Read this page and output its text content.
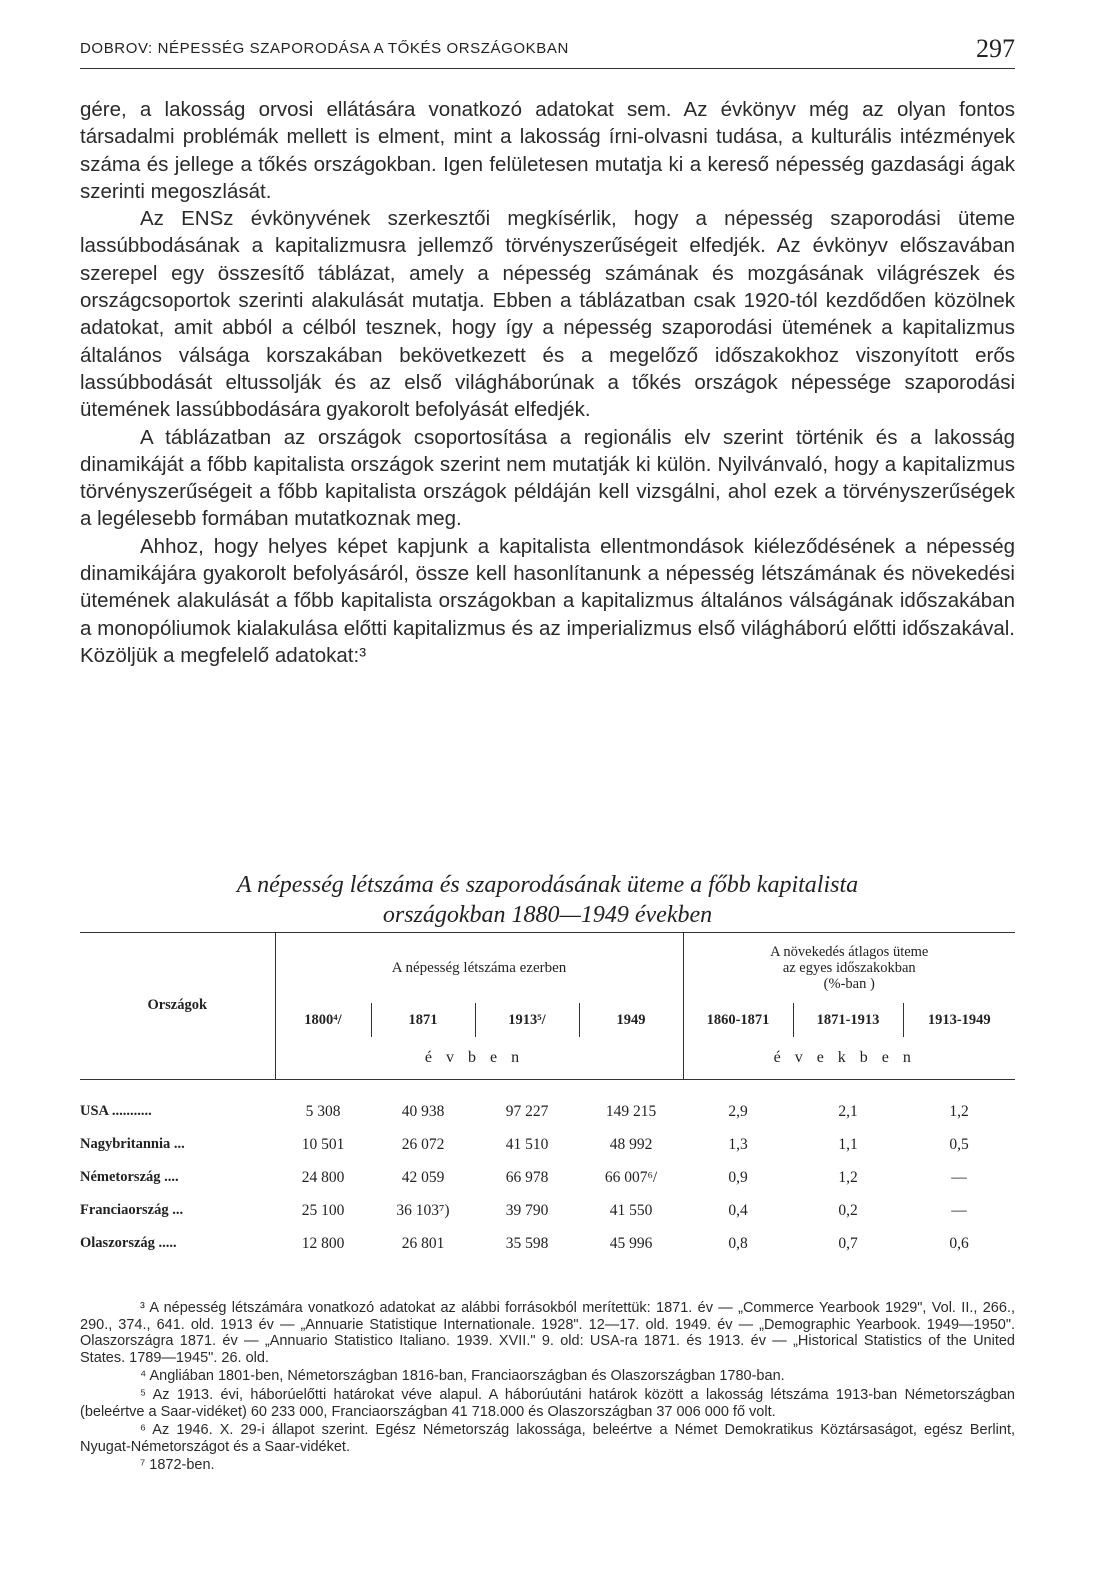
DOBROV: NÉPESSÉG SZAPORODÁSA A TŐKÉS ORSZÁGOKBAN	297

gére, a lakosság orvosi ellátására vonatkozó adatokat sem. Az évkönyv még az olyan fontos társadalmi problémák mellett is elment, mint a lakosság írni-olvasni tudása, a kulturális intézmények száma és jellege a tőkés országokban. Igen felületesen mutatja ki a kereső népesség gazdasági ágak szerinti megoszlását.

Az ENSz évkönyvének szerkesztői megkísérlik, hogy a népesség szaporodási üteme lassúbbodásának a kapitalizmusra jellemző törvényszerűségeit elfedjék. Az évkönyv előszavában szerepel egy összesítő táblázat, amely a népesség számának és mozgásának világrészek és országcsoportok szerinti alakulását mutatja. Ebben a táblázatban csak 1920-tól kezdődően közölnek adatokat, amit abból a célból tesznek, hogy így a népesség szaporodási ütemének a kapitalizmus általános válsága korszakában bekövetkezett és a megelőző időszakokhoz viszonyított erős lassúbbodását eltussolják és az első világháborúnak a tőkés országok népessége szaporodási ütemének lassúbbodására gyakorolt befolyását elfedjék.

A táblázatban az országok csoportosítása a regionális elv szerint történik és a lakosság dinamikáját a főbb kapitalista országok szerint nem mutatják ki külön. Nyilvánvaló, hogy a kapitalizmus törvényszerűségeit a főbb kapitalista országok példáján kell vizsgálni, ahol ezek a törvényszerűségek a legélesebb formában mutatkoznak meg.

Ahhoz, hogy helyes képet kapjunk a kapitalista ellentmondások kiéleződésének a népesség dinamikájára gyakorolt befolyásáról, össze kell hasonlítanunk a népesség létszámának és növekedési ütemének alakulását a főbb kapitalista országokban a kapitalizmus általános válságának időszakában a monopóliumok kialakulása előtti kapitalizmus és az imperializmus első világháború előtti időszakával. Közöljük a megfelelő adatokat:³

A népesség létszáma és szaporodásának üteme a főbb kapitalista
országokban 1880—1949 években
Országok	A népesség létszáma ezerben				A növekedés átlagos üteme
az egyes időszakokban
(%-ban )		

	1800⁴/	1871	1913⁵/	1949	1860-1871	1871-1913	1913-1949
	évben				években		

USA ...........	5 308	40 938	97 227	149 215	2,9	2,1	1,2
Nagybritannia ...	10 501	26 072	41 510	48 992	1,3	1,1	0,5
Németország ....	24 800	42 059	66 978	66 007⁶/	0,9	1,2	—
Franciaország ...	25 100	36 103⁷)	39 790	41 550	0,4	0,2	—
Olaszország .....	12 800	26 801	35 598	45 996	0,8	0,7	0,6

³ A népesség létszámára vonatkozó adatokat az alábbi forrásokból merítettük: 1871. év — „Commerce Yearbook 1929", Vol. II., 266., 290., 374., 641. old. 1913 év — „Annuarie Statistique Internationale. 1928". 12—17. old. 1949. év — „Demographic Yearbook. 1949—1950". Olaszországra 1871. év — „Annuario Statistico Italiano. 1939. XVII." 9. old: USA-ra 1871. és 1913. év — „Historical Statistics of the United States. 1789—1945". 26. old.

⁴ Angliában 1801-ben, Németországban 1816-ban, Franciaországban és Olaszországban 1780-ban.

⁵ Az 1913. évi, háborúelőtti határokat véve alapul. A háborúutáni határok között a lakosság létszáma 1913-ban Németországban (beleértve a Saar-vidéket) 60 233 000, Franciaországban 41 718.000 és Olaszországban 37 006 000 fő volt.

⁶ Az 1946. X. 29-i állapot szerint. Egész Németország lakossága, beleértve a Német Demokratikus Köztársaságot, egész Berlint, Nyugat-Németországot és a Saar-vidéket.

⁷ 1872-ben.
